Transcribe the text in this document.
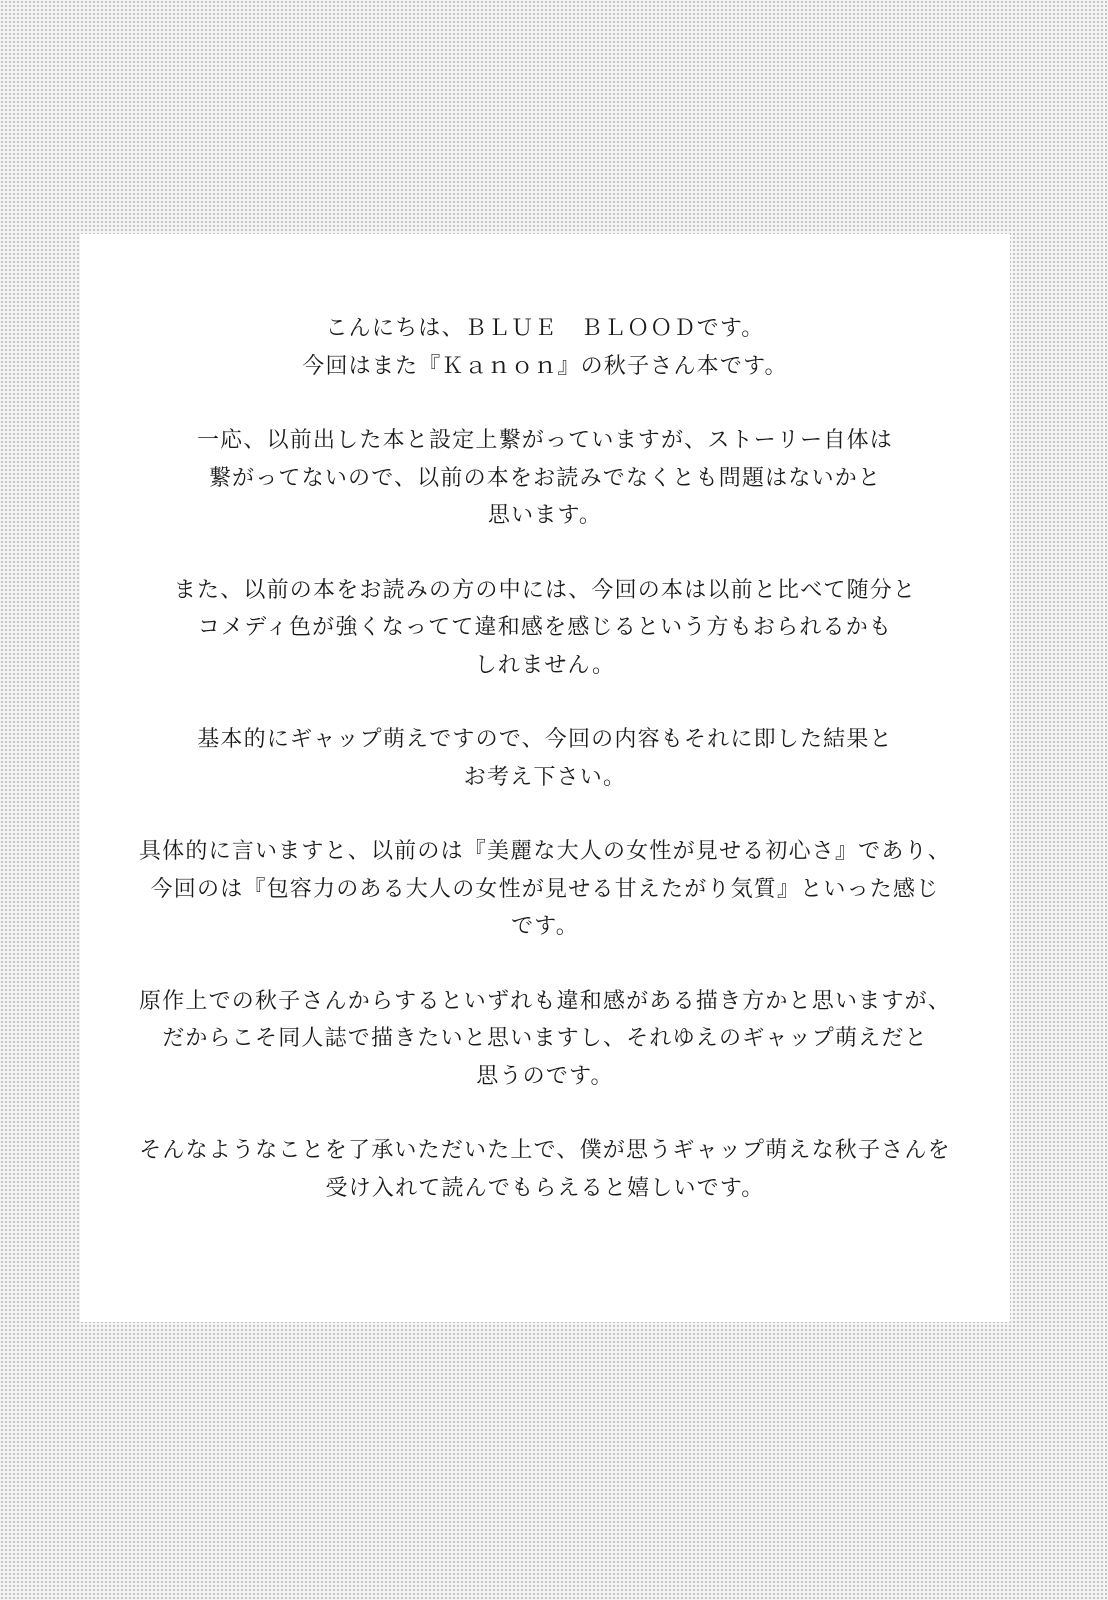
こんにちは、ＢＬＵＥ　ＢＬＯＯＤです。
今回はまた『Ｋａｎｏｎ』の秋子さん本です。

一応、以前出した本と設定上繋がっていますが、ストーリー自体は
繋がってないので、以前の本をお読みでなくとも問題はないかと
思います。

また、以前の本をお読みの方の中には、今回の本は以前と比べて随分と
コメディ色が強くなってて違和感を感じるという方もおられるかも
しれません。

基本的にギャップ萌えですので、今回の内容もそれに即した結果と
お考え下さい。

具体的に言いますと、以前のは『美麗な大人の女性が見せる初心さ』であり、
今回のは『包容力のある大人の女性が見せる甘えたがり気質』といった感じ
です。

原作上での秋子さんからするといずれも違和感がある描き方かと思いますが、
だからこそ同人誌で描きたいと思いますし、それゆえのギャップ萌えだと
思うのです。

そんなようなことを了承いただいた上で、僕が思うギャップ萌えな秋子さんを
受け入れて読んでもらえると嬉しいです。
